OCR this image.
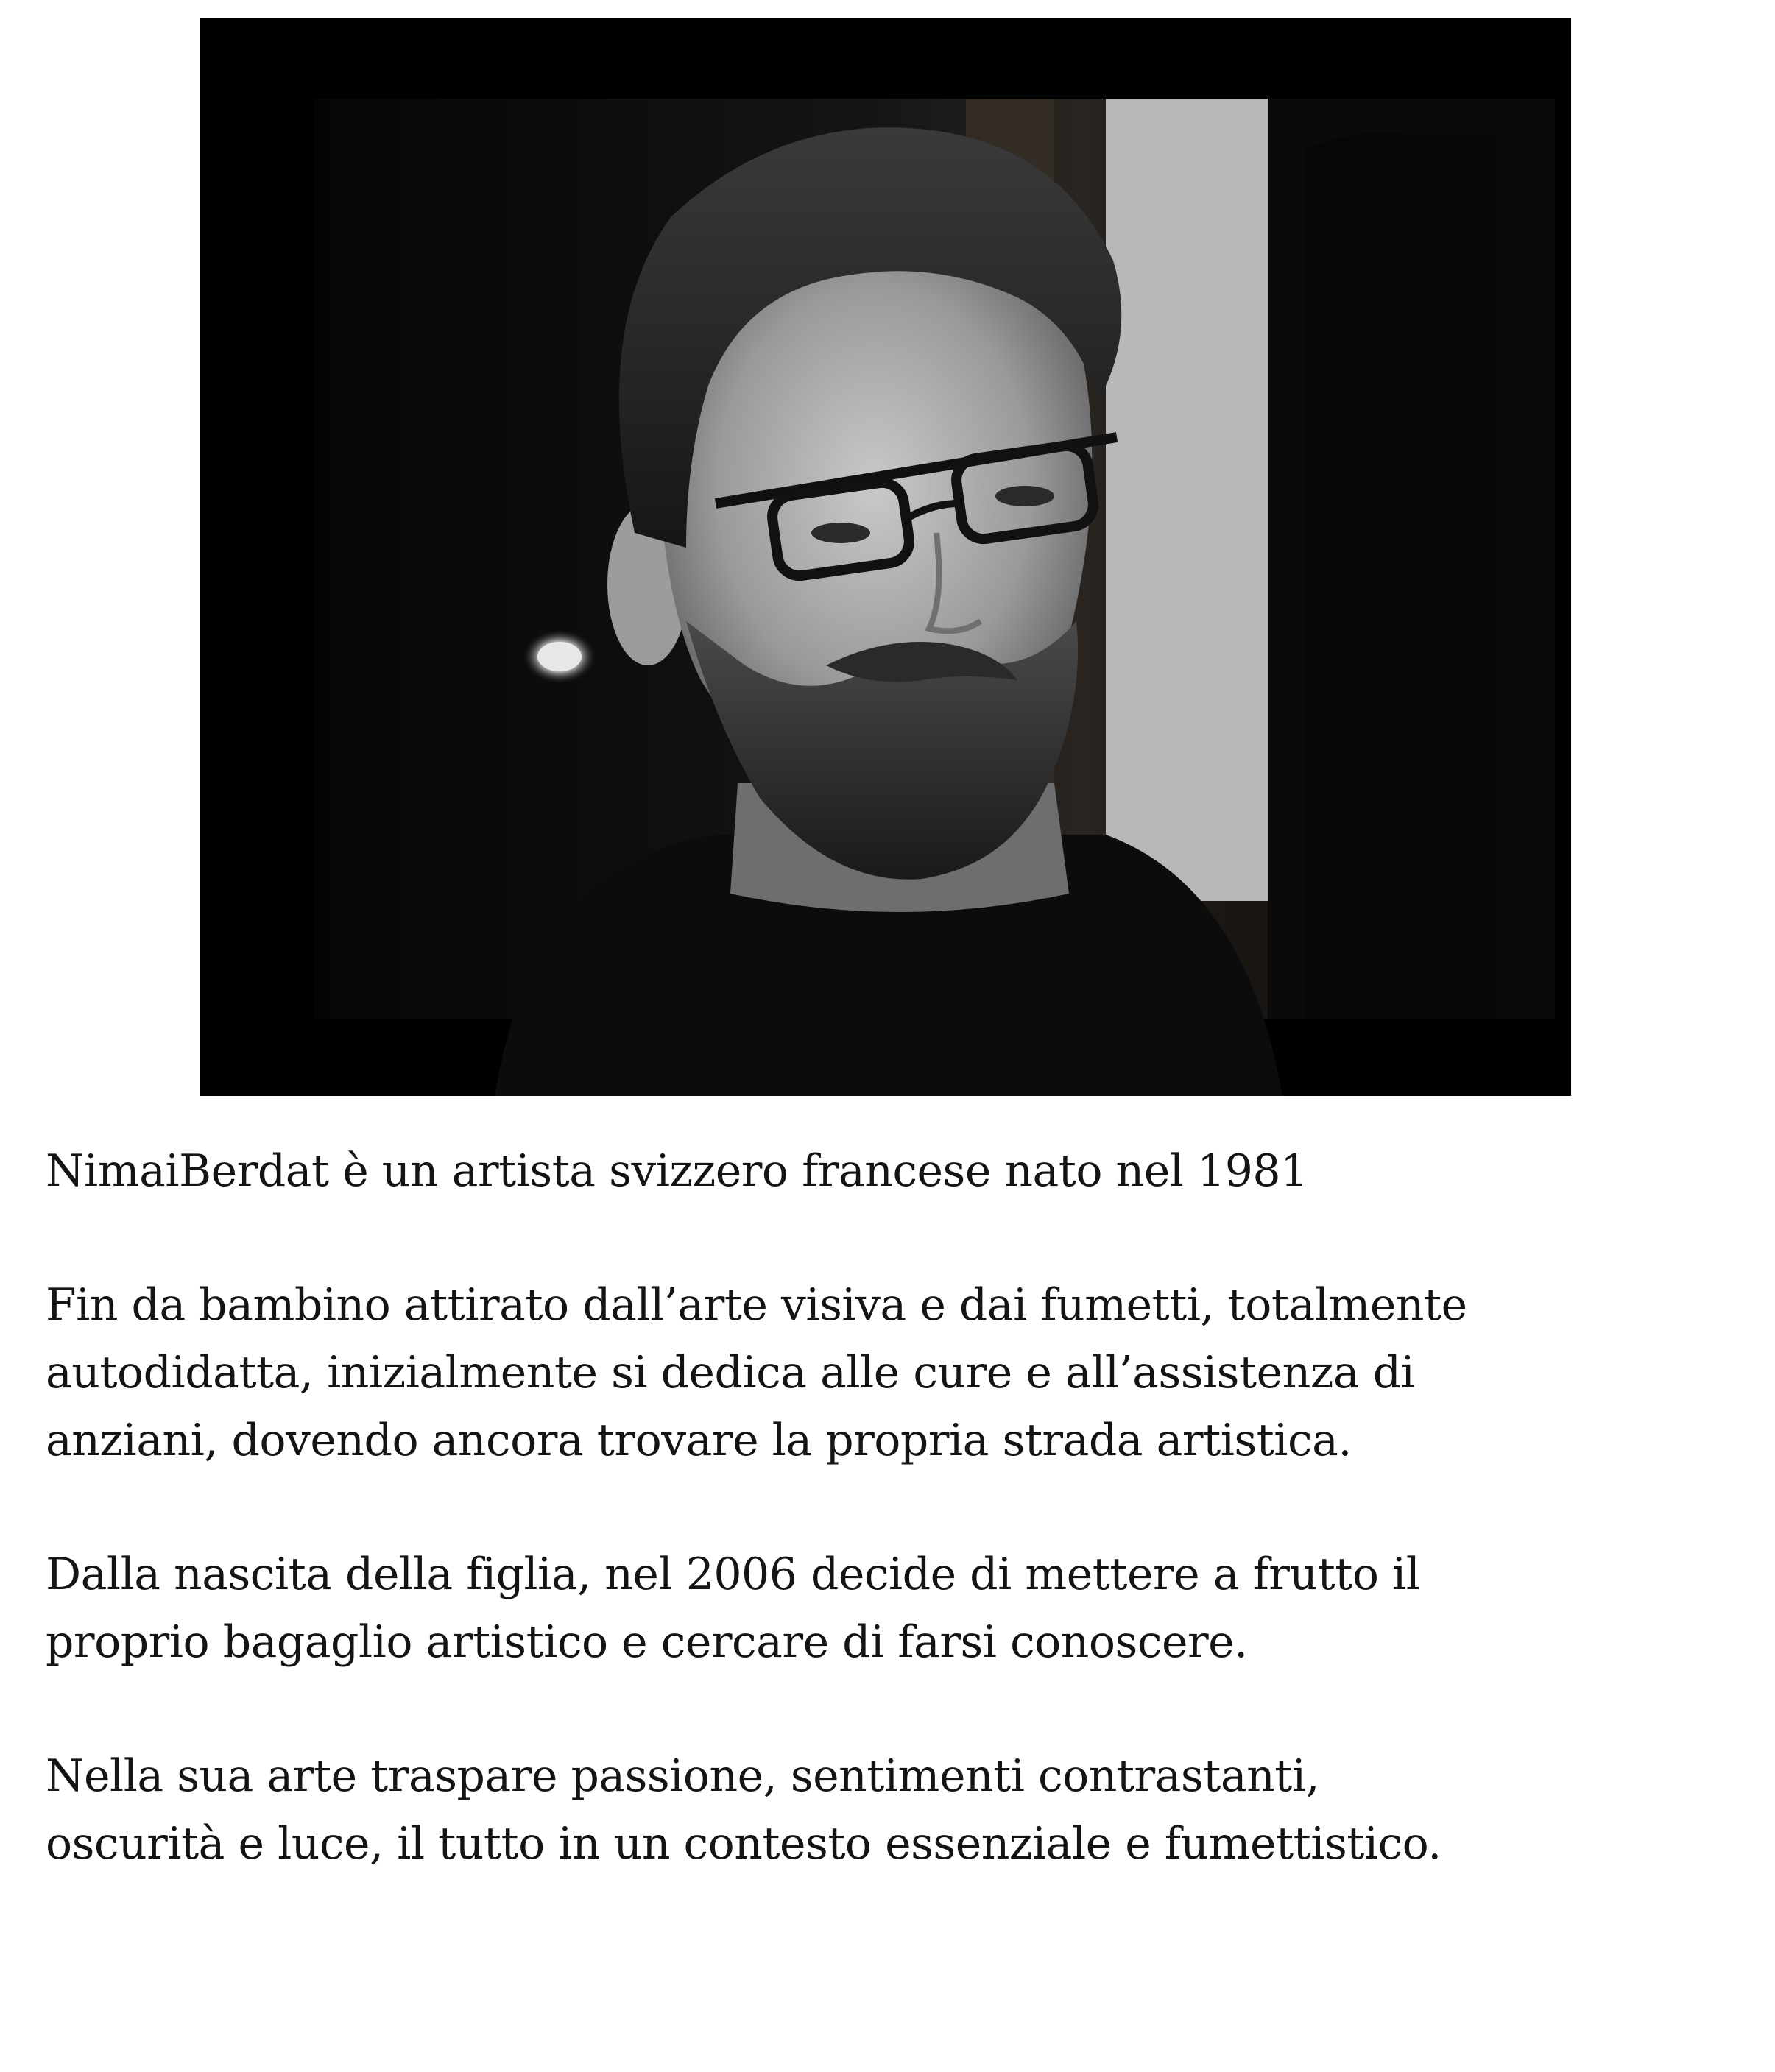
NimaiBerdat è un artista svizzero francese nato nel 1981

Fin da bambino attirato dall’arte visiva e dai fumetti, totalmente
autodidatta, inizialmente si dedica alle cure e all’assistenza di
anziani, dovendo ancora trovare la propria strada artistica.

Dalla nascita della figlia, nel 2006 decide di mettere a frutto il
proprio bagaglio artistico e cercare di farsi conoscere.

Nella sua arte traspare passione, sentimenti contrastanti,
oscurità e luce, il tutto in un contesto essenziale e fumettistico.
